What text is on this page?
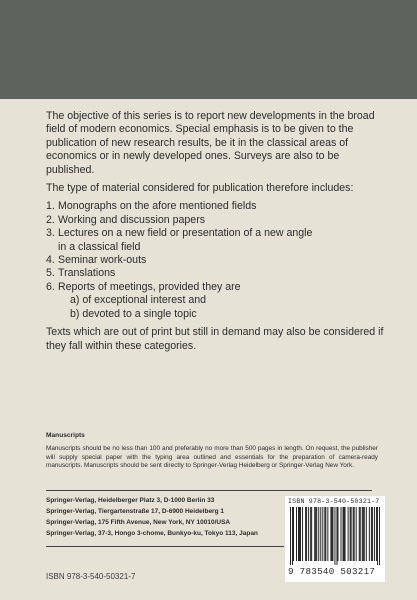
The objective of this series is to report new developments in the broad field of modern economics. Special emphasis is to be given to the publication of new research results, be it in the classical areas of economics or in newly developed ones. Surveys are also to be published.

The type of material considered for publication therefore includes:

1. Monographs on the afore mentioned fields
2. Working and discussion papers
3. Lectures on a new field or presentation of a new angle
in a classical field
4. Seminar work-outs
5. Translations
6. Reports of meetings, provided they are
a) of exceptional interest and
b) devoted to a single topic

Texts which are out of print but still in demand may also be considered if they fall within these categories.

Manuscripts

Manuscripts should be no less than 100 and preferably no more than 500 pages in length. On request, the publisher will supply special paper with the typing area outlined and essentials for the preparation of camera-ready manuscripts. Manuscripts should be sent directly to Springer-Verlag Heidelberg or Springer-Verlag New York.

Springer-Verlag, Heidelberger Platz 3, D-1000 Berlin 33
Springer-Verlag, Tiergartenstraße 17, D-6900 Heidelberg 1
Springer-Verlag, 175 Fifth Avenue, New York, NY 10010/USA
Springer-Verlag, 37-3, Hongo 3-chome, Bunkyo-ku, Tokyo 113, Japan
ISBN 978-3-540-50321-7
9 783540 503217
ISBN 978-3-540-50321-7
